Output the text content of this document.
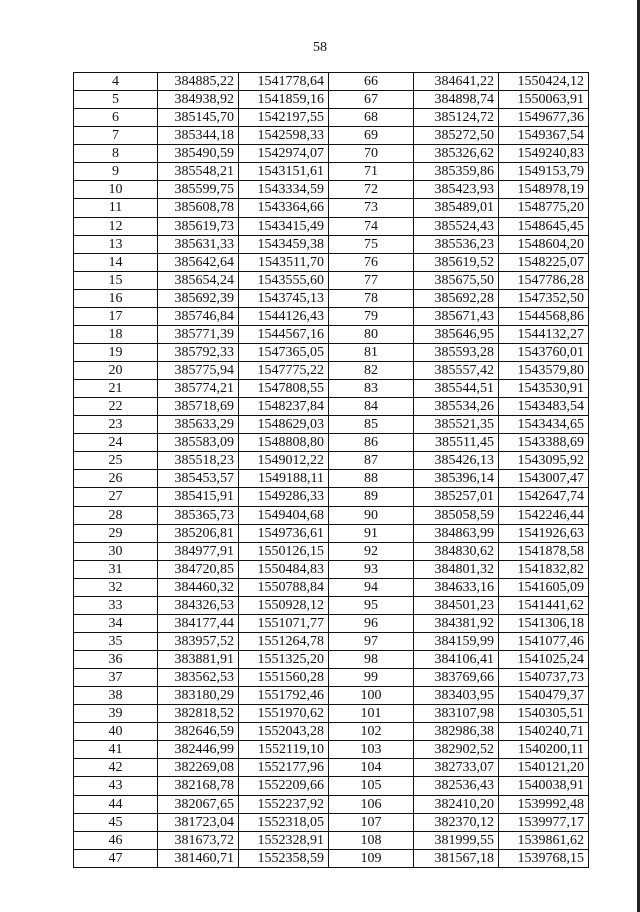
58
4	384885,22	1541778,64	66	384641,22	1550424,12
5	384938,92	1541859,16	67	384898,74	1550063,91
6	385145,70	1542197,55	68	385124,72	1549677,36
7	385344,18	1542598,33	69	385272,50	1549367,54
8	385490,59	1542974,07	70	385326,62	1549240,83
9	385548,21	1543151,61	71	385359,86	1549153,79
10	385599,75	1543334,59	72	385423,93	1548978,19
11	385608,78	1543364,66	73	385489,01	1548775,20
12	385619,73	1543415,49	74	385524,43	1548645,45
13	385631,33	1543459,38	75	385536,23	1548604,20
14	385642,64	1543511,70	76	385619,52	1548225,07
15	385654,24	1543555,60	77	385675,50	1547786,28
16	385692,39	1543745,13	78	385692,28	1547352,50
17	385746,84	1544126,43	79	385671,43	1544568,86
18	385771,39	1544567,16	80	385646,95	1544132,27
19	385792,33	1547365,05	81	385593,28	1543760,01
20	385775,94	1547775,22	82	385557,42	1543579,80
21	385774,21	1547808,55	83	385544,51	1543530,91
22	385718,69	1548237,84	84	385534,26	1543483,54
23	385633,29	1548629,03	85	385521,35	1543434,65
24	385583,09	1548808,80	86	385511,45	1543388,69
25	385518,23	1549012,22	87	385426,13	1543095,92
26	385453,57	1549188,11	88	385396,14	1543007,47
27	385415,91	1549286,33	89	385257,01	1542647,74
28	385365,73	1549404,68	90	385058,59	1542246,44
29	385206,81	1549736,61	91	384863,99	1541926,63
30	384977,91	1550126,15	92	384830,62	1541878,58
31	384720,85	1550484,83	93	384801,32	1541832,82
32	384460,32	1550788,84	94	384633,16	1541605,09
33	384326,53	1550928,12	95	384501,23	1541441,62
34	384177,44	1551071,77	96	384381,92	1541306,18
35	383957,52	1551264,78	97	384159,99	1541077,46
36	383881,91	1551325,20	98	384106,41	1541025,24
37	383562,53	1551560,28	99	383769,66	1540737,73
38	383180,29	1551792,46	100	383403,95	1540479,37
39	382818,52	1551970,62	101	383107,98	1540305,51
40	382646,59	1552043,28	102	382986,38	1540240,71
41	382446,99	1552119,10	103	382902,52	1540200,11
42	382269,08	1552177,96	104	382733,07	1540121,20
43	382168,78	1552209,66	105	382536,43	1540038,91
44	382067,65	1552237,92	106	382410,20	1539992,48
45	381723,04	1552318,05	107	382370,12	1539977,17
46	381673,72	1552328,91	108	381999,55	1539861,62
47	381460,71	1552358,59	109	381567,18	1539768,15
